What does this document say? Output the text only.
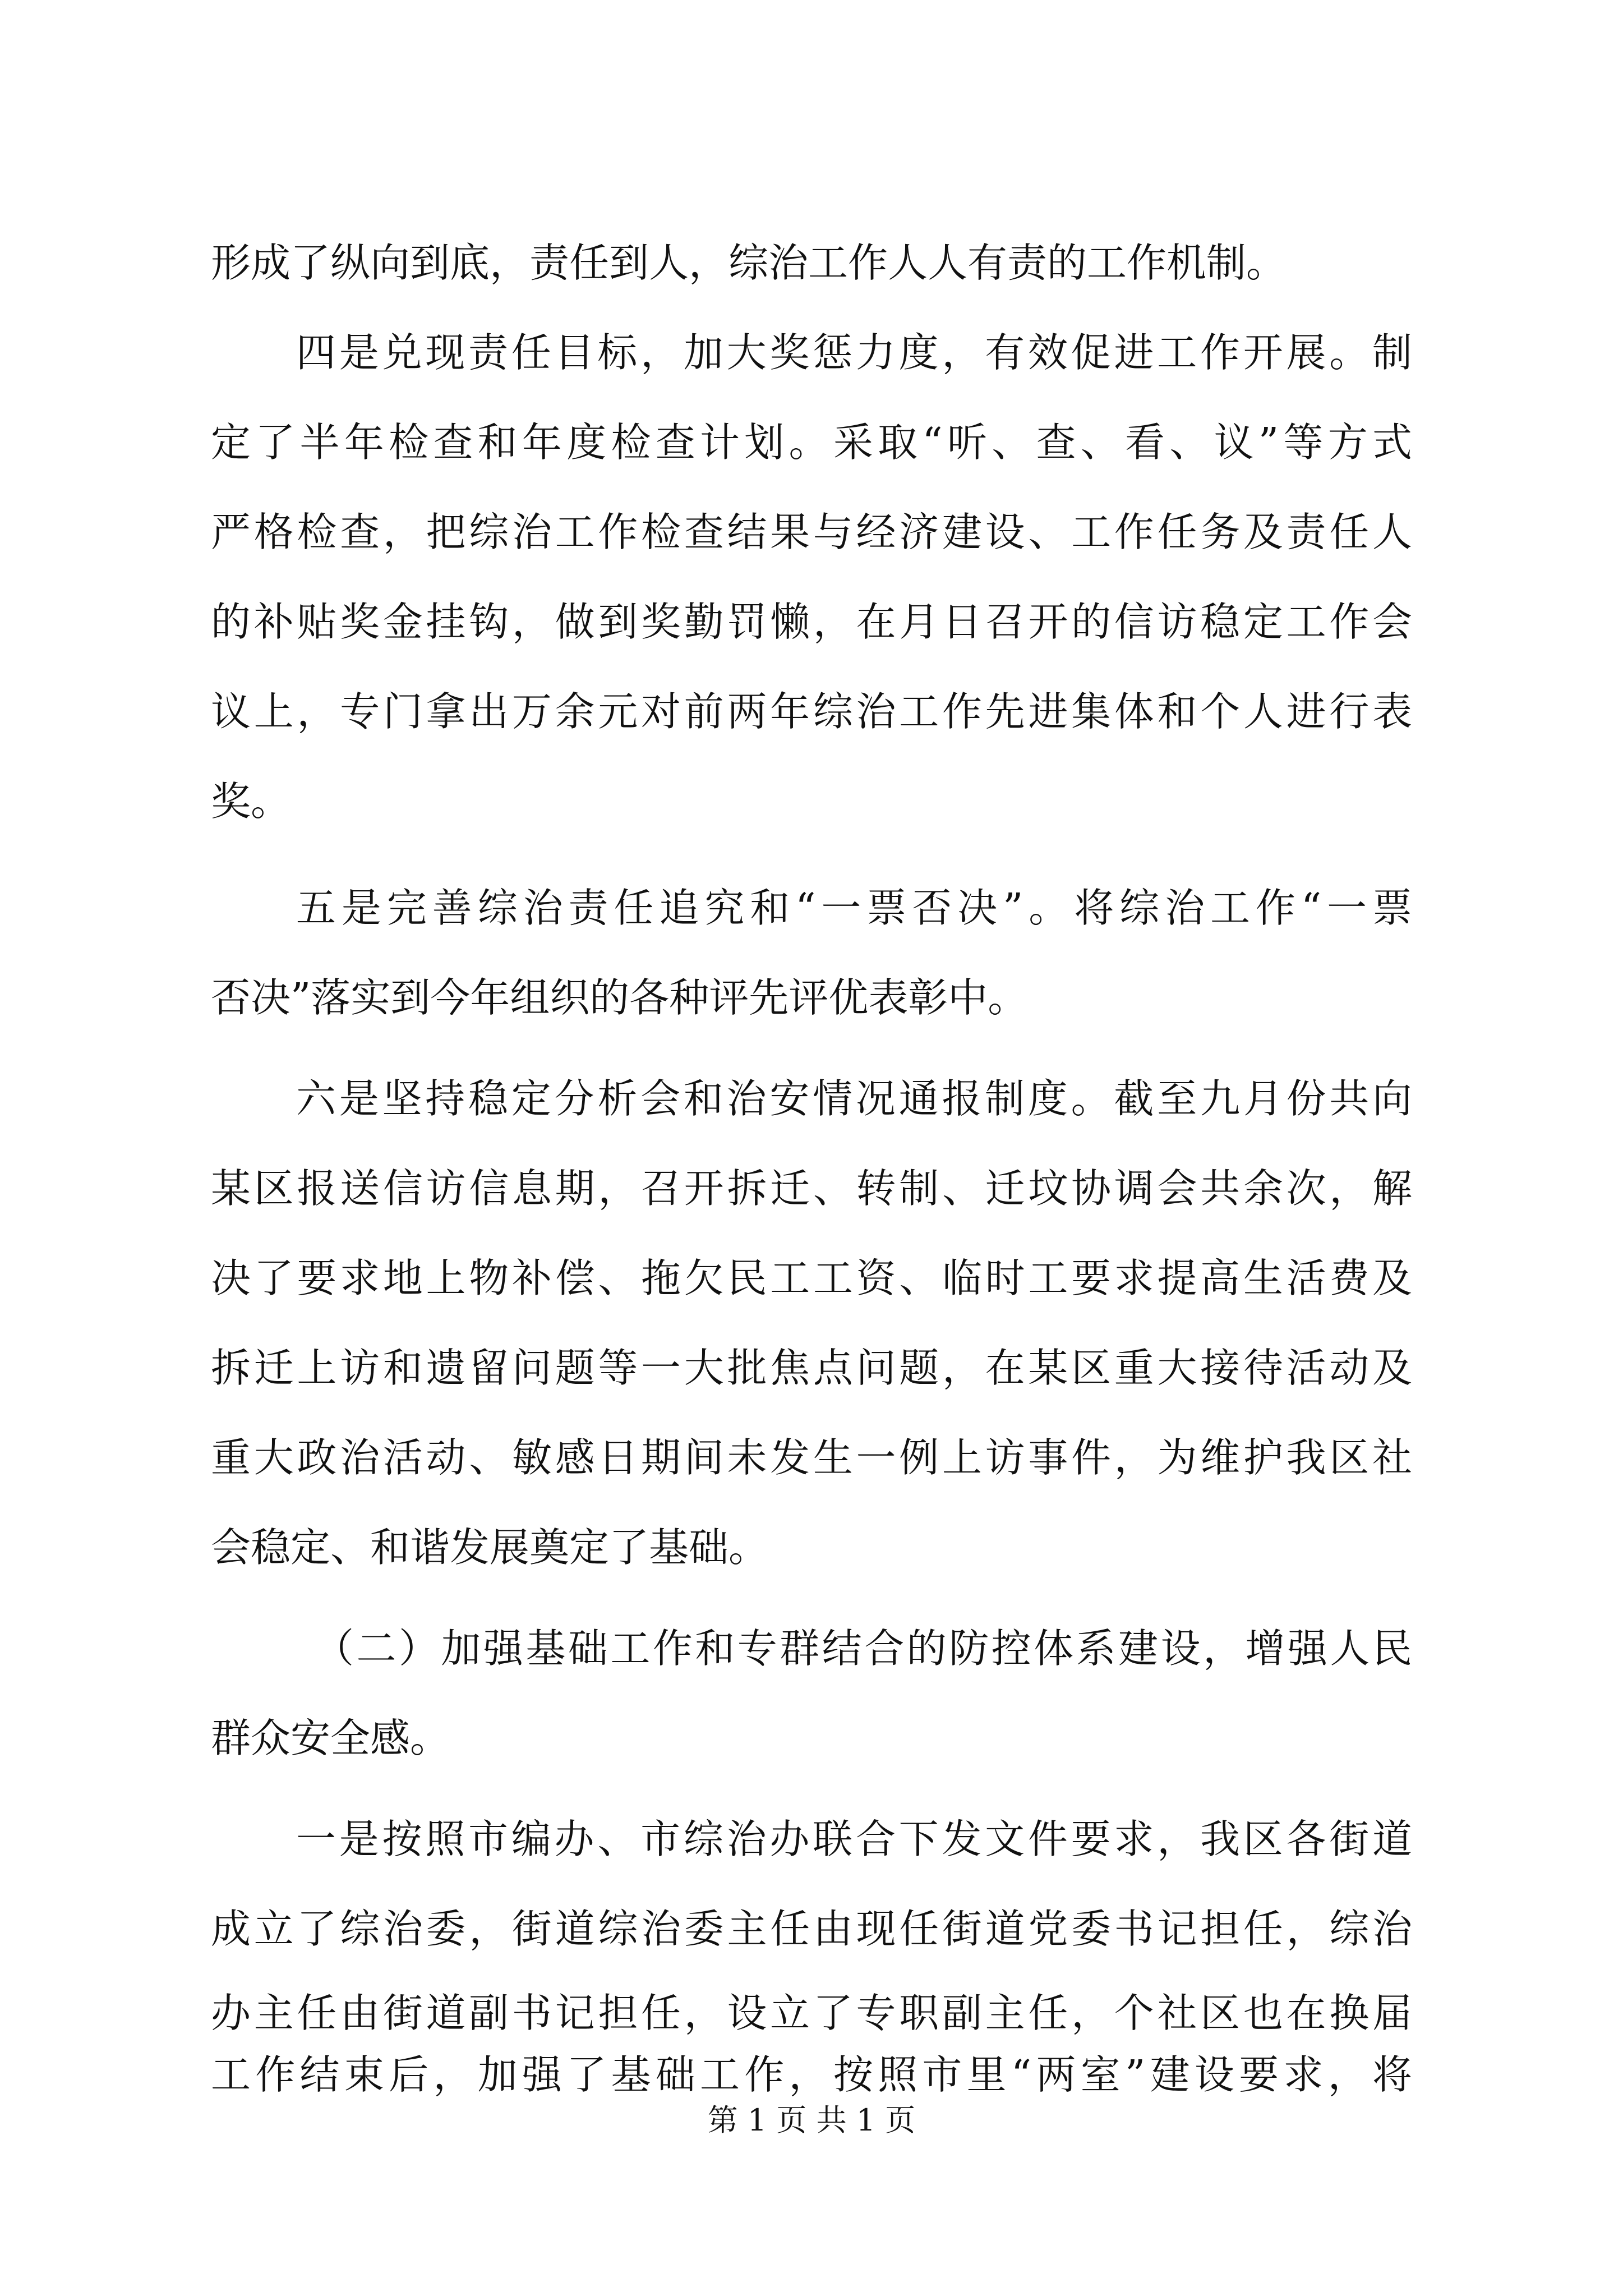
形成了纵向到底，责任到人，综治工作人人有责的工作机制。
四是兑现责任目标，加大奖惩力度，有效促进工作开展。制
定了半年检查和年度检查计划。采取“听、查、看、议”等方式
严格检查，把综治工作检查结果与经济建设、工作任务及责任人
的补贴奖金挂钩，做到奖勤罚懒，在月日召开的信访稳定工作会
议上，专门拿出万余元对前两年综治工作先进集体和个人进行表
奖。
五是完善综治责任追究和“一票否决”。将综治工作“一票
否决”落实到今年组织的各种评先评优表彰中。
六是坚持稳定分析会和治安情况通报制度。截至九月份共向
某区报送信访信息期，召开拆迁、转制、迁坟协调会共余次，解
决了要求地上物补偿、拖欠民工工资、临时工要求提高生活费及
拆迁上访和遗留问题等一大批焦点问题，在某区重大接待活动及
重大政治活动、敏感日期间未发生一例上访事件，为维护我区社
会稳定、和谐发展奠定了基础。
（二）加强基础工作和专群结合的防控体系建设，增强人民
群众安全感。
一是按照市编办、市综治办联合下发文件要求，我区各街道
成立了综治委，街道综治委主任由现任街道党委书记担任，综治
办主任由街道副书记担任，设立了专职副主任，个社区也在换届
工作结束后，加强了基础工作，按照市里“两室”建设要求，将
第 1 页 共 1 页
